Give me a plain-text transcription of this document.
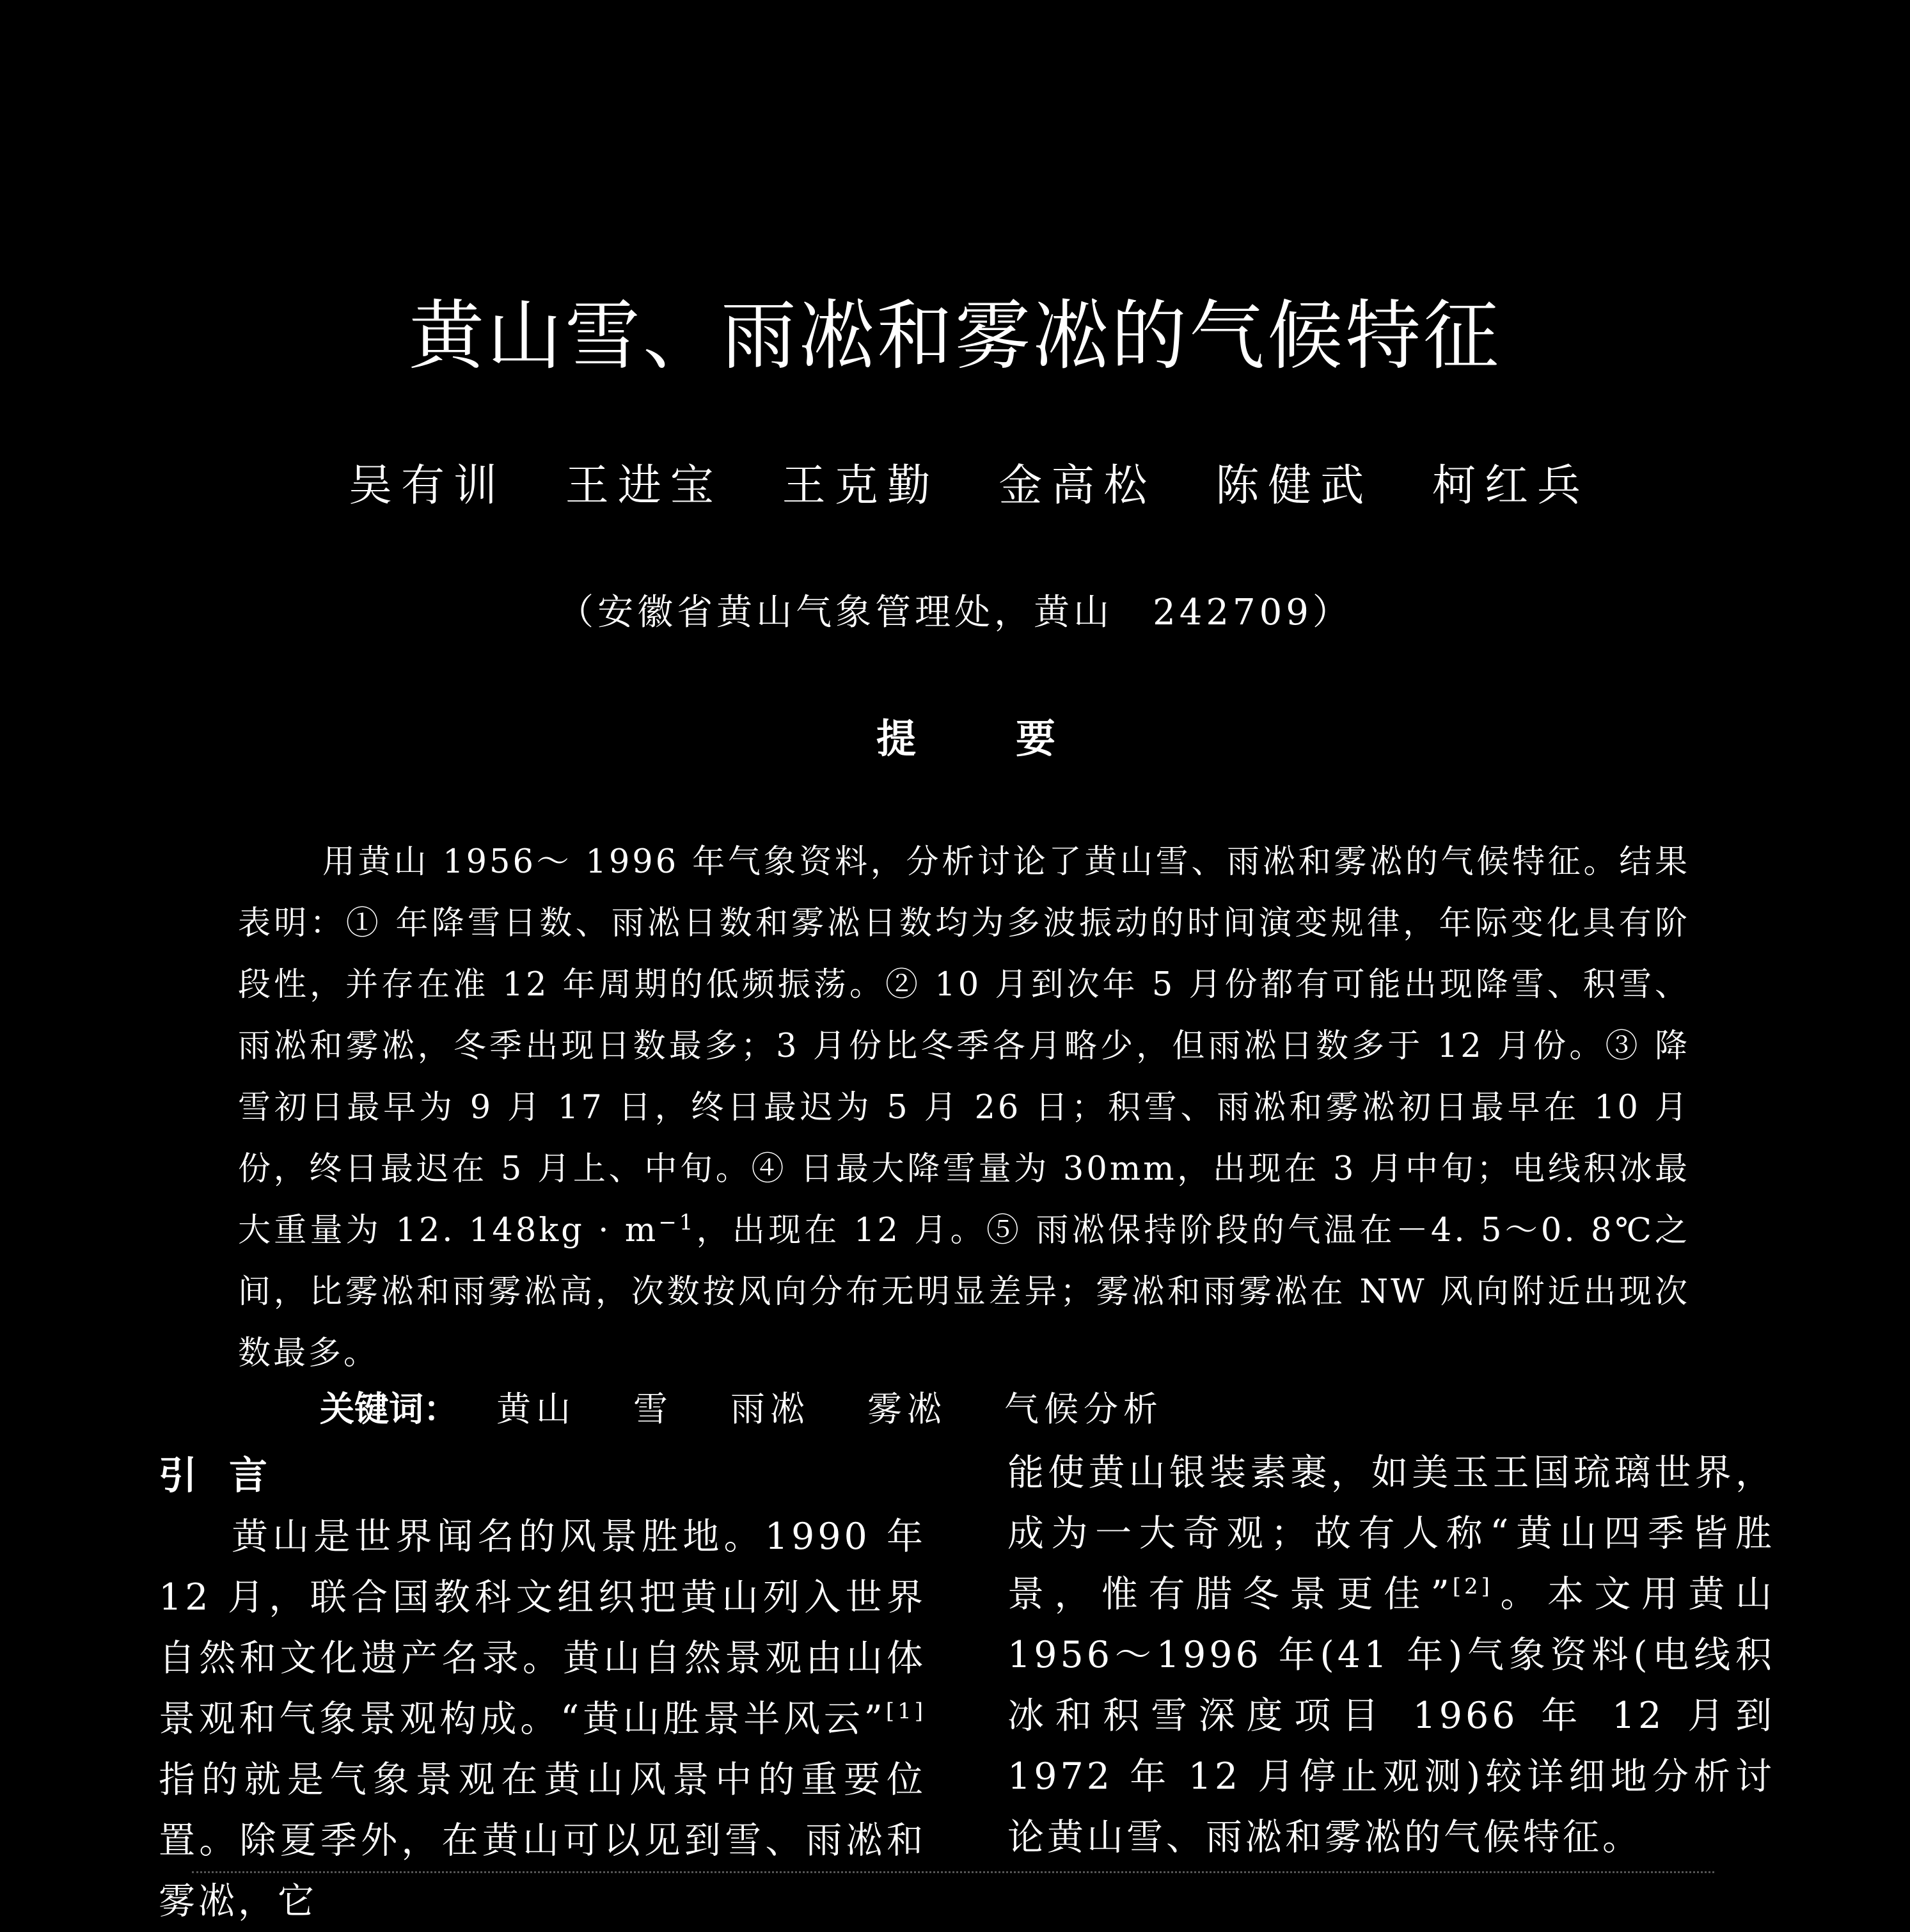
黄山雪、雨凇和雾凇的气候特征
吴有训 王进宝 王克勤 金高松 陈健武 柯红兵
（安徽省黄山气象管理处，黄山　242709）
提	要

用黄山 1956～ 1996 年气象资料，分析讨论了黄山雪、雨凇和雾凇的气候特征。结果表明：① 年降雪日数、雨凇日数和雾凇日数均为多波振动的时间演变规律，年际变化具有阶段性，并存在准 12 年周期的低频振荡。② 10 月到次年 5 月份都有可能出现降雪、积雪、雨凇和雾凇，冬季出现日数最多；3 月份比冬季各月略少，但雨凇日数多于 12 月份。③ 降雪初日最早为 9 月 17 日，终日最迟为 5 月 26 日；积雪、雨凇和雾凇初日最早在 10 月份，终日最迟在 5 月上、中旬。④ 日最大降雪量为 30mm，出现在 3 月中旬；电线积冰最大重量为 12. 148kg · m$^{-1}$，出现在 12 月。⑤ 雨凇保持阶段的气温在－4. 5～0. 8℃之间，比雾凇和雨雾凇高，次数按风向分布无明显差异；雾凇和雨雾凇在 NW 风向附近出现次数最多。

关键词： 黄山 雪 雨凇 雾凇 气候分析
引言

黄山是世界闻名的风景胜地。1990 年 12 月，联合国教科文组织把黄山列入世界自然和文化遗产名录。黄山自然景观由山体景观和气象景观构成。“黄山胜景半风云”[1]指的就是气象景观在黄山风景中的重要位置。除夏季外，在黄山可以见到雪、雨凇和雾凇，它

能使黄山银装素裹，如美玉王国琉璃世界，成为一大奇观；故有人称“黄山四季皆胜景，惟有腊冬景更佳”[2]。本文用黄山 1956～1996 年(41 年)气象资料(电线积冰和积雪深度项目 1966 年 12 月到 1972 年 12 月停止观测)较详细地分析讨论黄山雪、雨凇和雾凇的气候特征。
